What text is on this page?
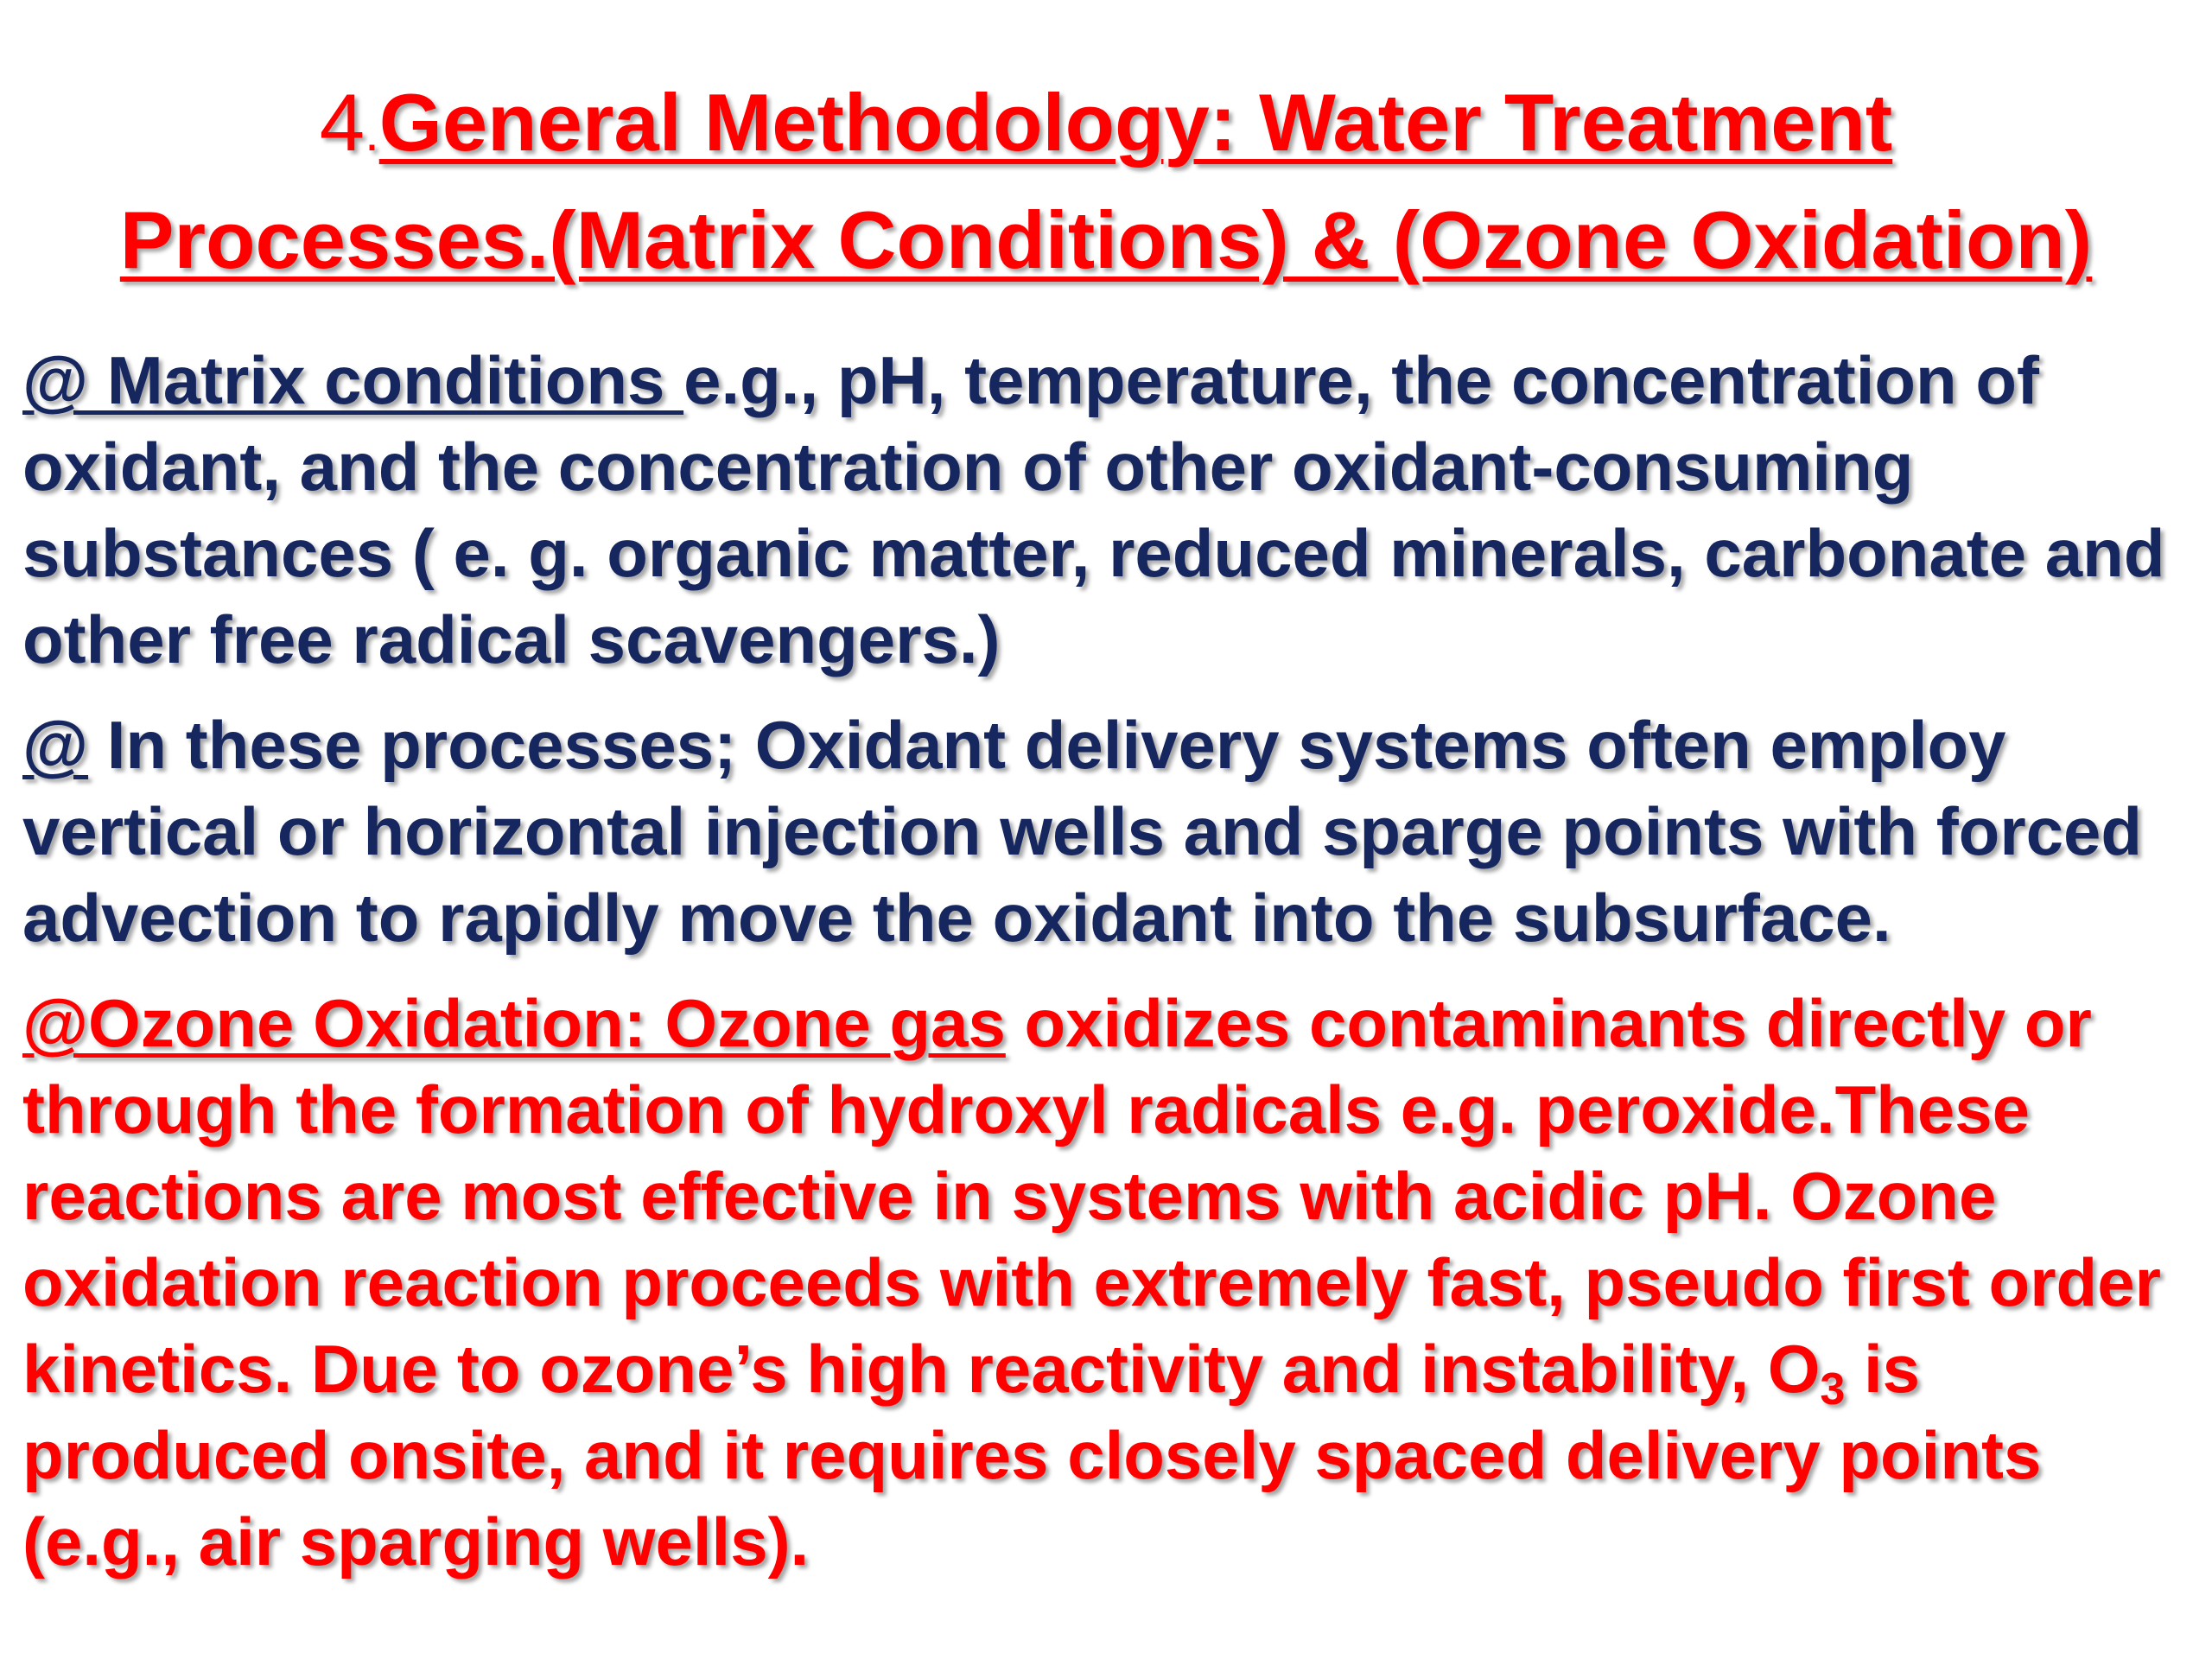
4.General Methodology: Water Treatment
Processes.(Matrix Conditions) & (Ozone Oxidation)

@ Matrix conditions e.g., pH, temperature, the concentration of oxidant, and the concentration of other oxidant-consuming substances ( e. g. organic matter, reduced minerals, carbonate and other free radical scavengers.)

@ In these processes; Oxidant delivery systems often employ vertical or horizontal injection wells and sparge points with forced advection to rapidly move the oxidant into the subsurface.

@Ozone Oxidation: Ozone gas oxidizes contaminants directly or through the formation of hydroxyl radicals e.g. peroxide.These reactions are most effective in systems with acidic pH. Ozone oxidation reaction proceeds with extremely fast, pseudo first order kinetics. Due to ozone’s high reactivity and instability, $O_3$ is produced onsite, and it requires closely spaced delivery points (e.g., air sparging wells).
